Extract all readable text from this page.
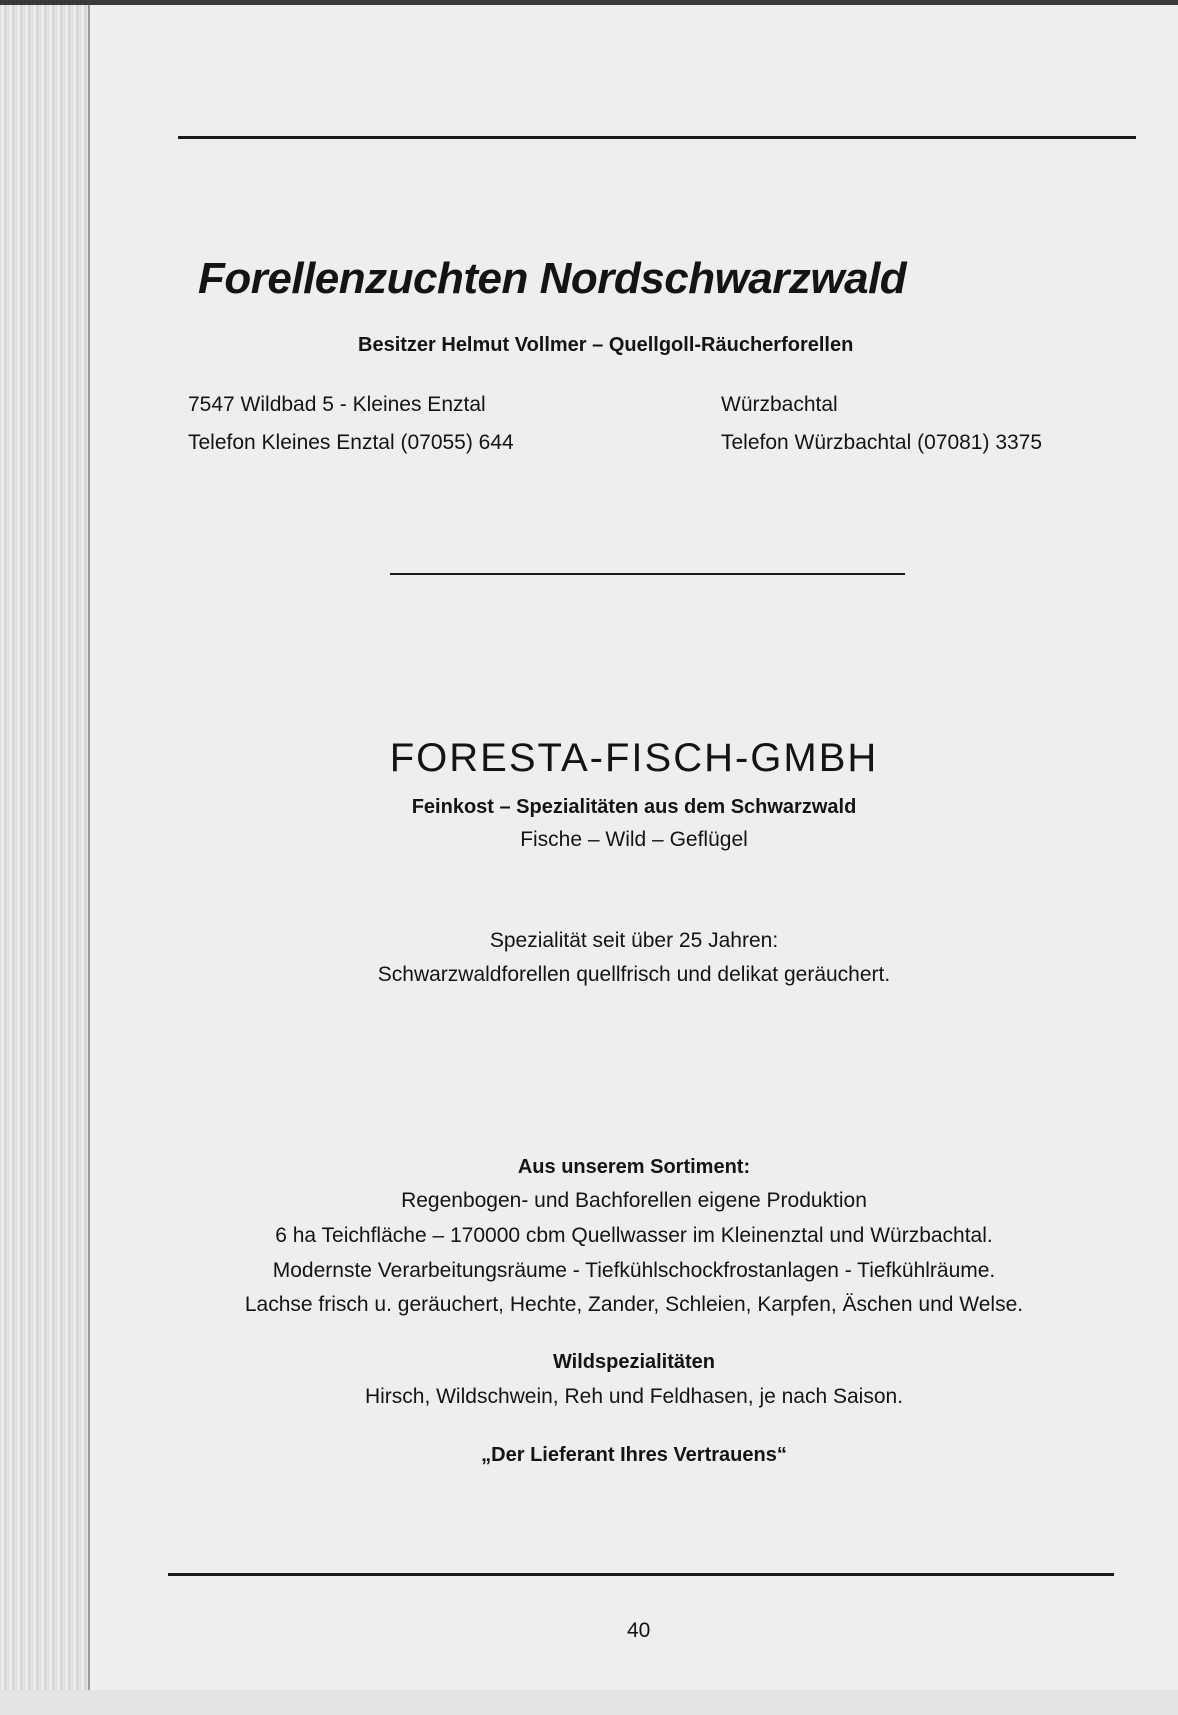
Forellenzuchten Nordschwarzwald
Besitzer Helmut Vollmer – Quellgoll-Räucherforellen
7547 Wildbad 5 - Kleines Enztal
Telefon Kleines Enztal (07055) 644
Würzbachtal
Telefon Würzbachtal (07081) 3375
FORESTA-FISCH-GMBH
Feinkost – Spezialitäten aus dem Schwarzwald
Fische – Wild – Geflügel
Spezialität seit über 25 Jahren:
Schwarzwaldforellen quellfrisch und delikat geräuchert.
Aus unserem Sortiment:
Regenbogen- und Bachforellen eigene Produktion
6 ha Teichfläche – 170000 cbm Quellwasser im Kleinenztal und Würzbachtal.
Modernste Verarbeitungsräume - Tiefkühlschockfrostanlagen - Tiefkühlräume.
Lachse frisch u. geräuchert, Hechte, Zander, Schleien, Karpfen, Äschen und Welse.
Wildspezialitäten
Hirsch, Wildschwein, Reh und Feldhasen, je nach Saison.
„Der Lieferant Ihres Vertrauens“
40
